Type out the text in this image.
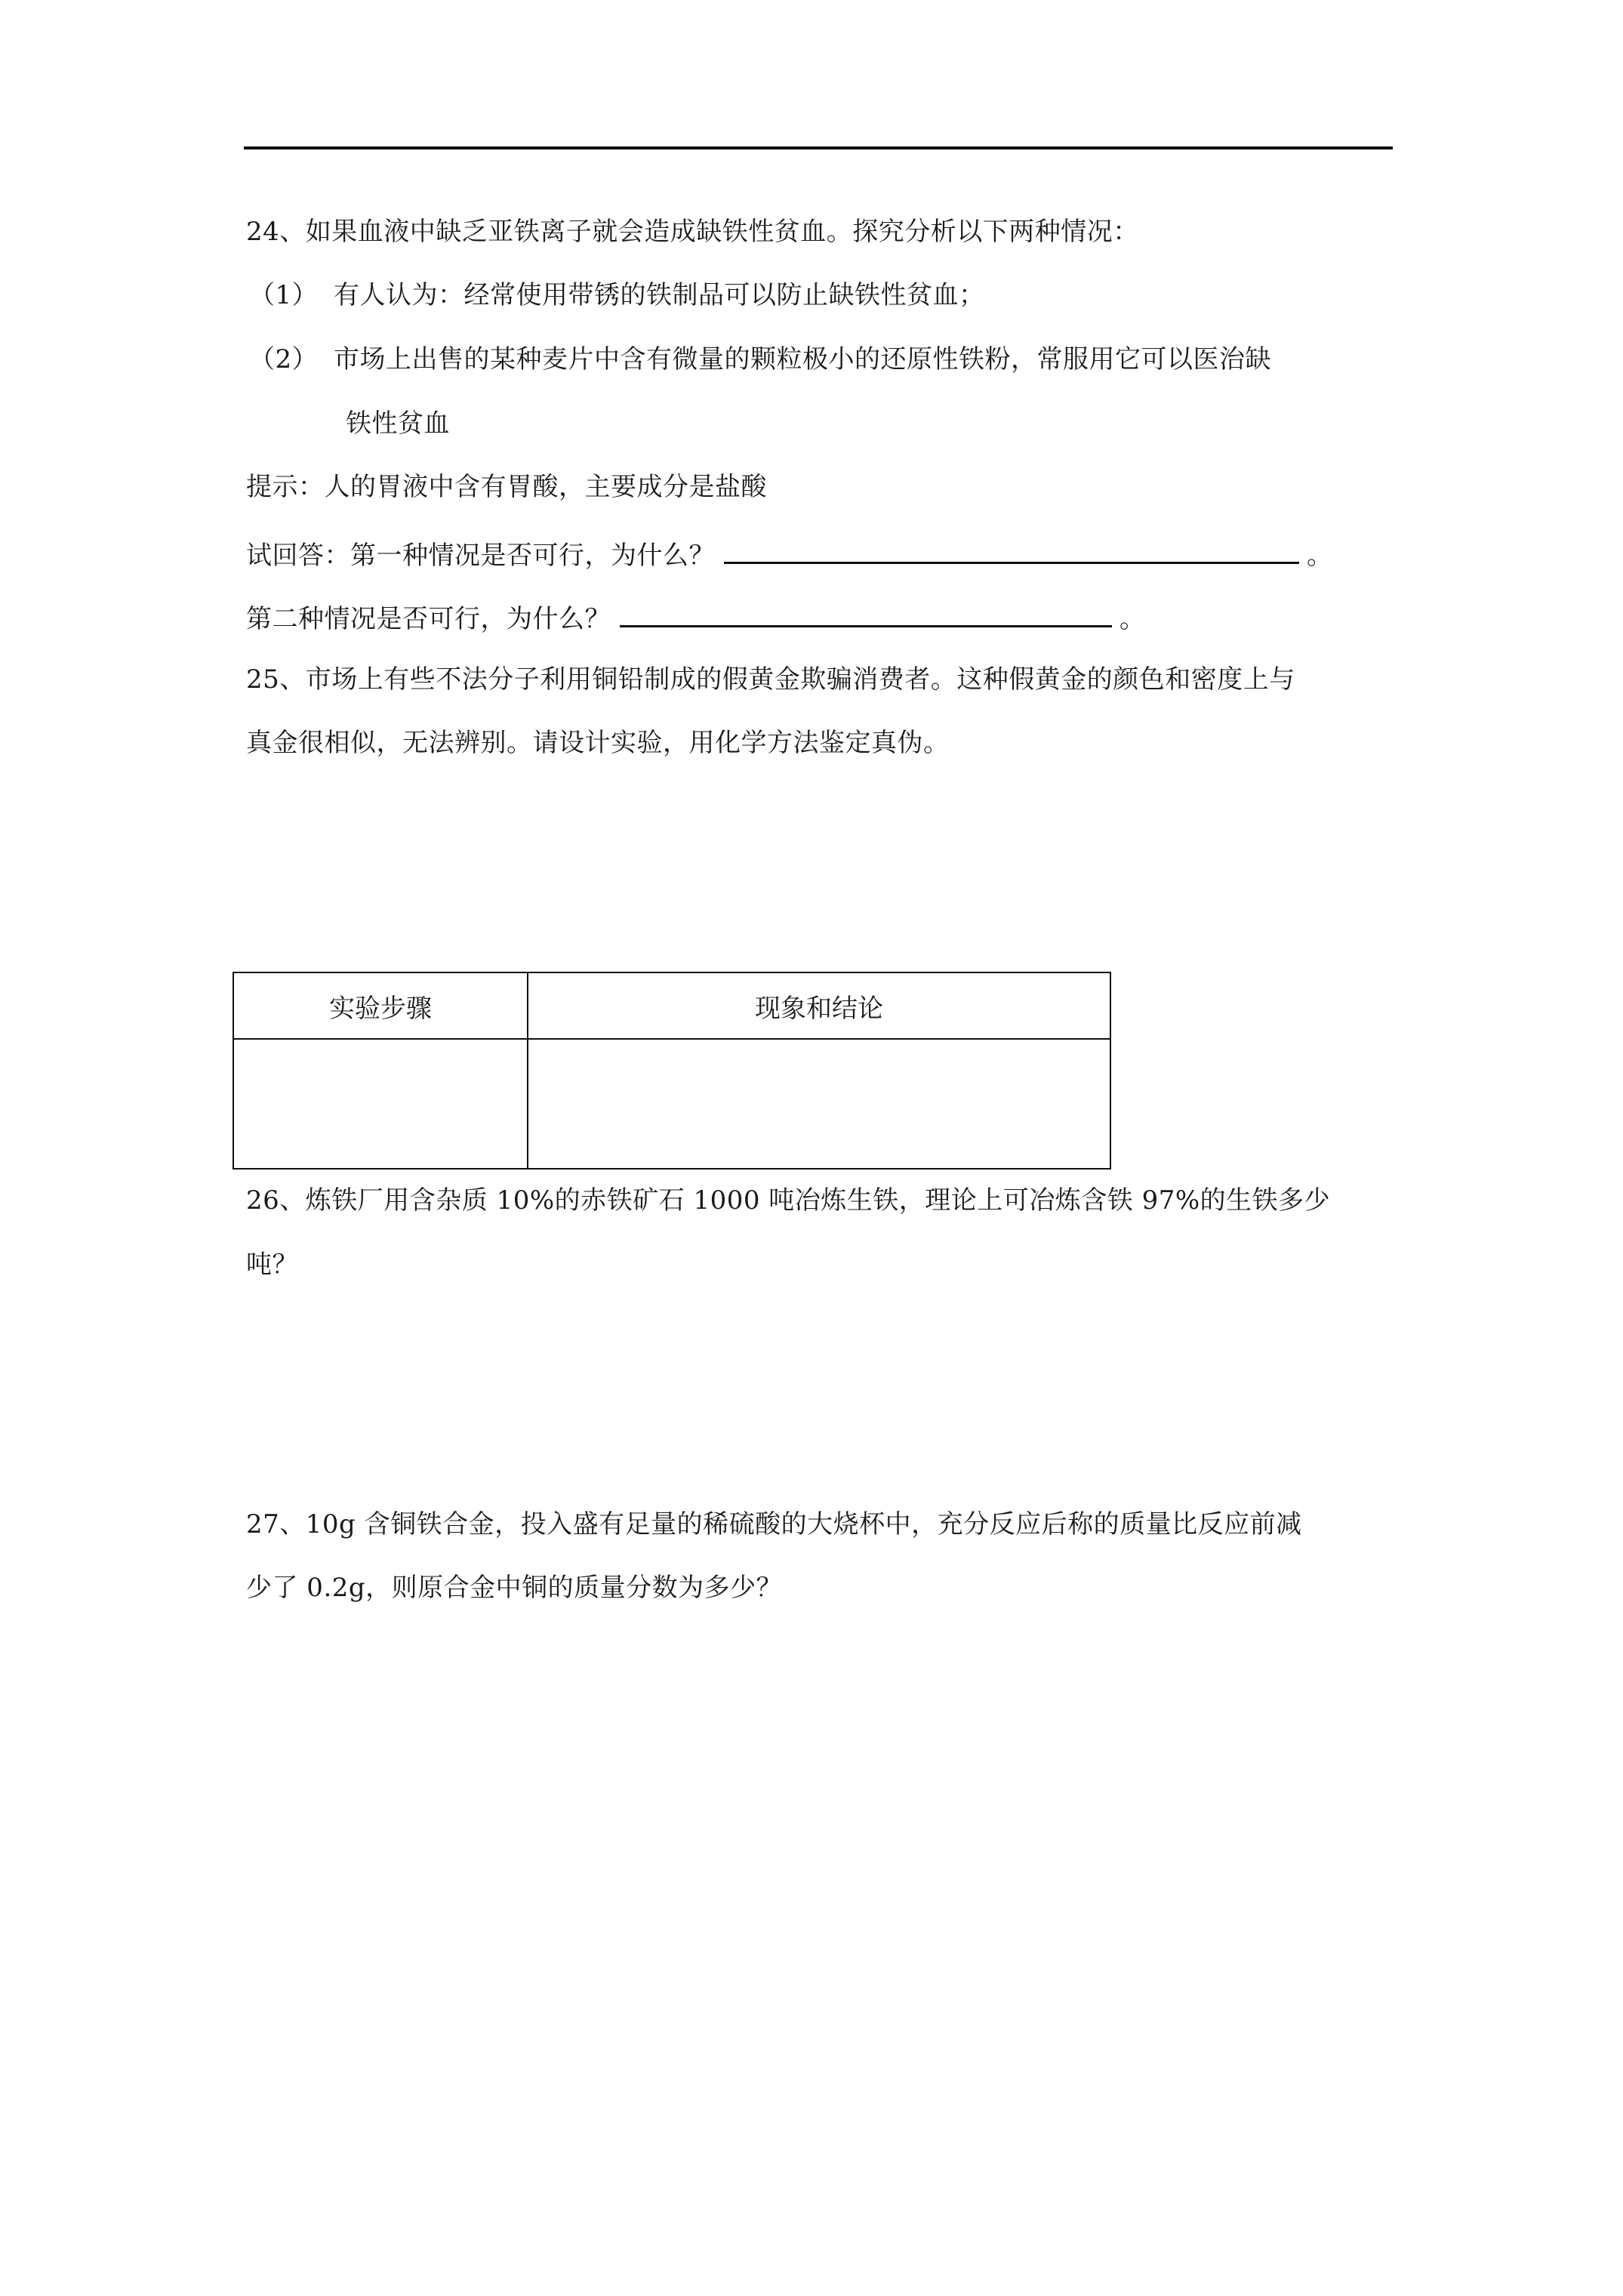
24、如果血液中缺乏亚铁离子就会造成缺铁性贫血。探究分析以下两种情况：
（1） 有人认为：经常使用带锈的铁制品可以防止缺铁性贫血；
（2） 市场上出售的某种麦片中含有微量的颗粒极小的还原性铁粉，常服用它可以医治缺
铁性贫血
提示：人的胃液中含有胃酸，主要成分是盐酸
试回答：第一种情况是否可行，为什么？	。
第二种情况是否可行，为什么？	。
25、市场上有些不法分子利用铜铅制成的假黄金欺骗消费者。这种假黄金的颜色和密度上与
真金很相似，无法辨别。请设计实验，用化学方法鉴定真伪。
实验步骤	现象和结论

26、炼铁厂用含杂质 10%的赤铁矿石 1000 吨冶炼生铁，理论上可冶炼含铁 97%的生铁多少
吨？
27、10g 含铜铁合金，投入盛有足量的稀硫酸的大烧杯中，充分反应后称的质量比反应前减
少了 0.2g，则原合金中铜的质量分数为多少？
